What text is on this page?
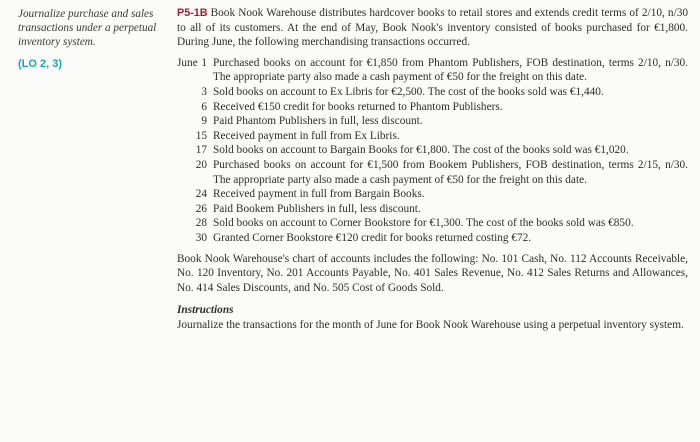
Journalize purchase and sales transactions under a perpetual inventory system.
(LO 2, 3)

P5-1B Book Nook Warehouse distributes hardcover books to retail stores and extends credit terms of 2/10, n/30 to all of its customers. At the end of May, Book Nook's inventory consisted of books purchased for €1,800. During June, the following merchandising transactions occurred.

June 1 Purchased books on account for €1,850 from Phantom Publishers, FOB destination, terms 2/10, n/30. The appropriate party also made a cash payment of €50 for the freight on this date.
3 Sold books on account to Ex Libris for €2,500. The cost of the books sold was €1,440.
6 Received €150 credit for books returned to Phantom Publishers.
9 Paid Phantom Publishers in full, less discount.
15 Received payment in full from Ex Libris.
17 Sold books on account to Bargain Books for €1,800. The cost of the books sold was €1,020.
20 Purchased books on account for €1,500 from Bookem Publishers, FOB destination, terms 2/15, n/30. The appropriate party also made a cash payment of €50 for the freight on this date.
24 Received payment in full from Bargain Books.
26 Paid Bookem Publishers in full, less discount.
28 Sold books on account to Corner Bookstore for €1,300. The cost of the books sold was €850.
30 Granted Corner Bookstore €120 credit for books returned costing €72.

Book Nook Warehouse's chart of accounts includes the following: No. 101 Cash, No. 112 Accounts Receivable, No. 120 Inventory, No. 201 Accounts Payable, No. 401 Sales Revenue, No. 412 Sales Returns and Allowances, No. 414 Sales Discounts, and No. 505 Cost of Goods Sold.

Instructions

Journalize the transactions for the month of June for Book Nook Warehouse using a perpetual inventory system.
